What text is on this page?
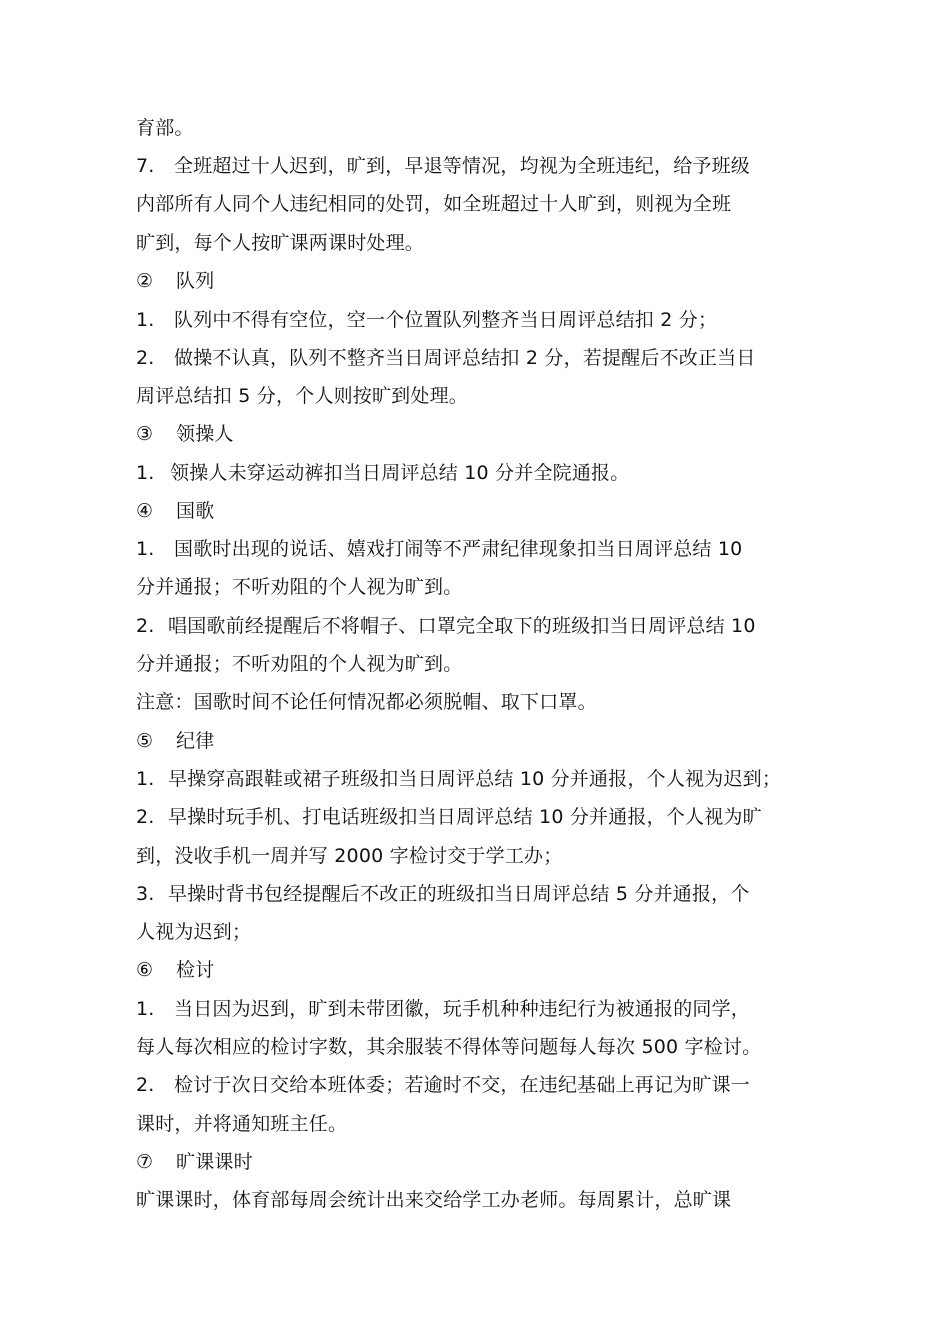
育部。
7. 全班超过十人迟到，旷到，早退等情况，均视为全班违纪，给予班级
内部所有人同个人违纪相同的处罚，如全班超过十人旷到，则视为全班
旷到，每个人按旷课两课时处理。
② 队列
1. 队列中不得有空位，空一个位置队列整齐当日周评总结扣 2 分；
2. 做操不认真，队列不整齐当日周评总结扣 2 分，若提醒后不改正当日
周评总结扣 5 分，个人则按旷到处理。
③ 领操人
1. 领操人未穿运动裤扣当日周评总结 10 分并全院通报。
④ 国歌
1. 国歌时出现的说话、嬉戏打闹等不严肃纪律现象扣当日周评总结 10
分并通报；不听劝阻的个人视为旷到。
2. 唱国歌前经提醒后不将帽子、口罩完全取下的班级扣当日周评总结 10
分并通报；不听劝阻的个人视为旷到。
注意：国歌时间不论任何情况都必须脱帽、取下口罩。
⑤ 纪律
1. 早操穿高跟鞋或裙子班级扣当日周评总结 10 分并通报，个人视为迟到；
2. 早操时玩手机、打电话班级扣当日周评总结 10 分并通报，个人视为旷
到，没收手机一周并写 2000 字检讨交于学工办；
3. 早操时背书包经提醒后不改正的班级扣当日周评总结 5 分并通报，个
人视为迟到；
⑥ 检讨
1. 当日因为迟到，旷到未带团徽，玩手机种种违纪行为被通报的同学，
每人每次相应的检讨字数，其余服装不得体等问题每人每次 500 字检讨。
2. 检讨于次日交给本班体委；若逾时不交，在违纪基础上再记为旷课一
课时，并将通知班主任。
⑦ 旷课课时
旷课课时，体育部每周会统计出来交给学工办老师。每周累计，总旷课
